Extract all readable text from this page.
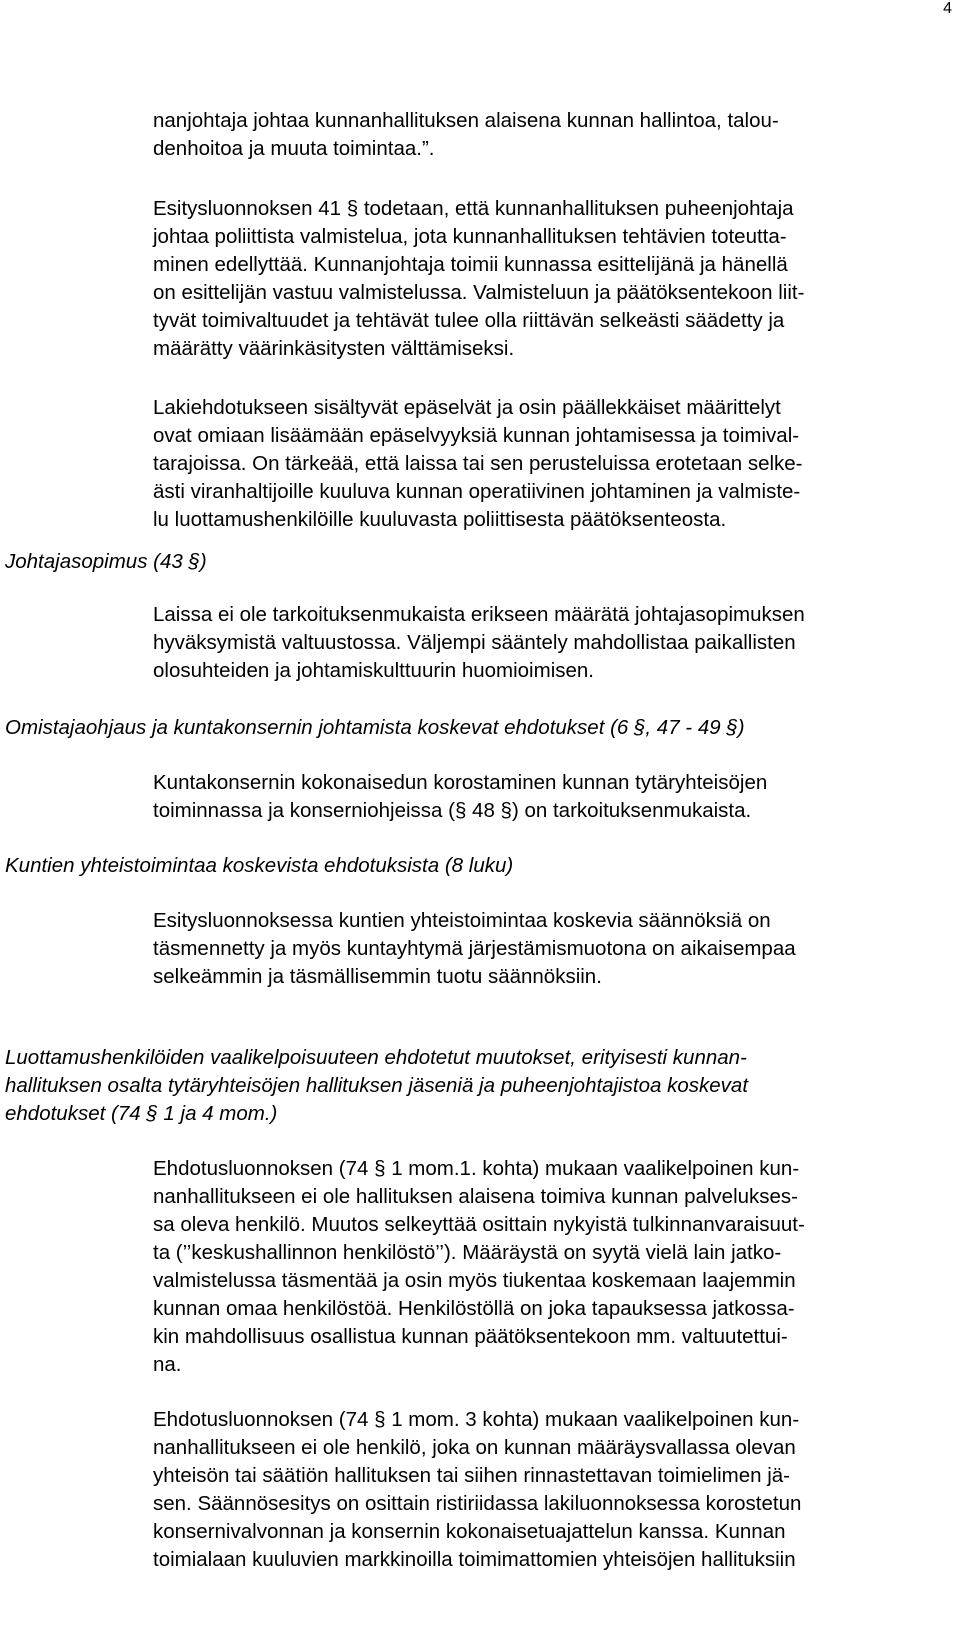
4

nanjohtaja johtaa kunnanhallituksen alaisena kunnan hallintoa, talou-

denhoitoa ja muuta toimintaa.”.

Esitysluonnoksen 41 § todetaan, että kunnanhallituksen puheenjohtaja

johtaa poliittista valmistelua, jota kunnanhallituksen tehtävien toteutta-

minen edellyttää. Kunnanjohtaja toimii kunnassa esittelijänä ja hänellä

on esittelijän vastuu valmistelussa. Valmisteluun ja päätöksentekoon liit-

tyvät toimivaltuudet ja tehtävät tulee olla riittävän selkeästi säädetty ja

määrätty väärinkäsitysten välttämiseksi.

Lakiehdotukseen sisältyvät epäselvät ja osin päällekkäiset määrittelyt

ovat omiaan lisäämään epäselvyyksiä kunnan johtamisessa ja toimival-

tarajoissa. On tärkeää, että laissa tai sen perusteluissa erotetaan selke-

ästi viranhaltijoille kuuluva kunnan operatiivinen johtaminen ja valmiste-

lu luottamushenkilöille kuuluvasta poliittisesta päätöksenteosta.

Johtajasopimus (43 §)

Laissa ei ole tarkoituksenmukaista erikseen määrätä johtajasopimuksen

hyväksymistä valtuustossa. Väljempi sääntely mahdollistaa paikallisten

olosuhteiden ja johtamiskulttuurin huomioimisen.

Omistajaohjaus ja kuntakonsernin johtamista koskevat ehdotukset (6 §, 47 - 49 §)

Kuntakonsernin kokonaisedun korostaminen kunnan tytäryhteisöjen

toiminnassa ja konserniohjeissa (§ 48 §) on tarkoituksenmukaista.

Kuntien yhteistoimintaa koskevista ehdotuksista (8 luku)

Esitysluonnoksessa kuntien yhteistoimintaa koskevia säännöksiä on

täsmennetty ja myös kuntayhtymä järjestämismuotona on aikaisempaa

selkeämmin ja täsmällisemmin tuotu säännöksiin.

Luottamushenkilöiden vaalikelpoisuuteen ehdotetut muutokset, erityisesti kunnan-

hallituksen osalta tytäryhteisöjen hallituksen jäseniä ja puheenjohtajistoa koskevat

ehdotukset (74 § 1 ja 4 mom.)

Ehdotusluonnoksen (74 § 1 mom.1. kohta) mukaan vaalikelpoinen kun-

nanhallitukseen ei ole hallituksen alaisena toimiva kunnan palvelukses-

sa oleva henkilö. Muutos selkeyttää osittain nykyistä tulkinnanvaraisuut-

ta (’’keskushallinnon henkilöstö’’). Määräystä on syytä vielä lain jatko-

valmistelussa täsmentää ja osin myös tiukentaa koskemaan laajemmin

kunnan omaa henkilöstöä. Henkilöstöllä on joka tapauksessa jatkossa-

kin mahdollisuus osallistua kunnan päätöksentekoon mm. valtuutettui-

na.

Ehdotusluonnoksen (74 § 1 mom. 3 kohta) mukaan vaalikelpoinen kun-

nanhallitukseen ei ole henkilö, joka on kunnan määräysvallassa olevan

yhteisön tai säätiön hallituksen tai siihen rinnastettavan toimielimen jä-

sen. Säännösesitys on osittain ristiriidassa lakiluonnoksessa korostetun

konsernivalvonnan ja konsernin kokonaisetuajattelun kanssa. Kunnan

toimialaan kuuluvien markkinoilla toimimattomien yhteisöjen hallituksiin
